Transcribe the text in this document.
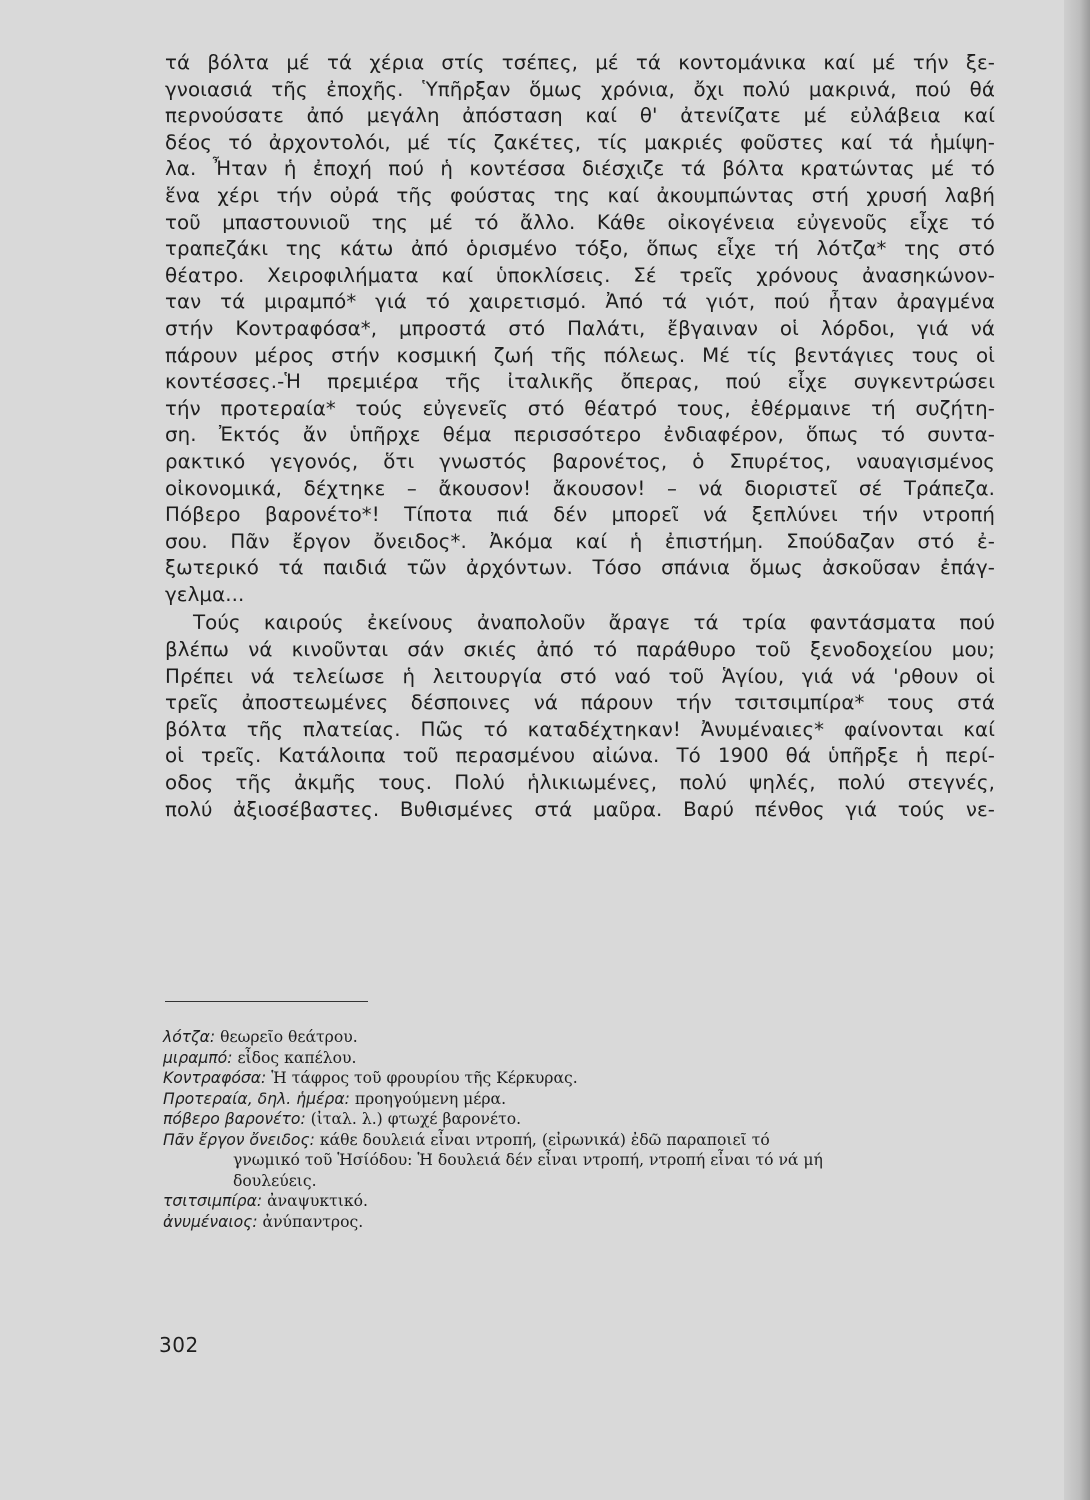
τά βόλτα μέ τά χέρια στίς τσέπες, μέ τά κοντομάνικα καί μέ τήν ξε-
γνοιασιά τῆς ἐποχῆς. Ὑπῆρξαν ὅμως χρόνια, ὄχι πολύ μακρινά, πού θά
περνούσατε ἀπό μεγάλη ἀπόσταση καί θ' ἀτενίζατε μέ εὐλάβεια καί
δέος τό ἀρχοντολόι, μέ τίς ζακέτες, τίς μακριές φοῦστες καί τά ἡμίψη-
λα. Ἦταν ἡ ἐποχή πού ἡ κοντέσσα διέσχιζε τά βόλτα κρατώντας μέ τό
ἕνα χέρι τήν οὐρά τῆς φούστας της καί ἀκουμπώντας στή χρυσή λαβή
τοῦ μπαστουνιοῦ της μέ τό ἄλλο. Κάθε οἰκογένεια εὐγενοῦς εἶχε τό
τραπεζάκι της κάτω ἀπό ὁρισμένο τόξο, ὅπως εἶχε τή λότζα* της στό
θέατρο. Χειροφιλήματα καί ὑποκλίσεις. Σέ τρεῖς χρόνους ἀνασηκώνον-
ταν τά μιραμπό* γιά τό χαιρετισμό. Ἀπό τά γιότ, πού ἦταν ἀραγμένα
στήν Κοντραφόσα*, μπροστά στό Παλάτι, ἔβγαιναν οἱ λόρδοι, γιά νά
πάρουν μέρος στήν κοσμική ζωή τῆς πόλεως. Μέ τίς βεντάγιες τους οἱ
κοντέσσες.-Ἡ πρεμιέρα τῆς ἰταλικῆς ὄπερας, πού εἶχε συγκεντρώσει
τήν προτεραία* τούς εὐγενεῖς στό θέατρό τους, ἐθέρμαινε τή συζήτη-
ση. Ἐκτός ἄν ὑπῆρχε θέμα περισσότερο ἐνδιαφέρον, ὅπως τό συντα-
ρακτικό γεγονός, ὅτι γνωστός βαρονέτος, ὁ Σπυρέτος, ναυαγισμένος
οἰκονομικά, δέχτηκε – ἄκουσον! ἄκουσον! – νά διοριστεῖ σέ Τράπεζα.
Πόβερο βαρονέτο*! Τίποτα πιά δέν μπορεῖ νά ξεπλύνει τήν ντροπή
σου. Πᾶν ἔργον ὄνειδος*. Ἀκόμα καί ἡ ἐπιστήμη. Σπούδαζαν στό ἐ-
ξωτερικό τά παιδιά τῶν ἀρχόντων. Τόσο σπάνια ὅμως ἀσκοῦσαν ἐπάγ-
γελμα...
Τούς καιρούς ἐκείνους ἀναπολοῦν ἄραγε τά τρία φαντάσματα πού
βλέπω νά κινοῦνται σάν σκιές ἀπό τό παράθυρο τοῦ ξενοδοχείου μου;
Πρέπει νά τελείωσε ἡ λειτουργία στό ναό τοῦ Ἁγίου, γιά νά 'ρθουν οἱ
τρεῖς ἀποστεωμένες δέσποινες νά πάρουν τήν τσιτσιμπίρα* τους στά
βόλτα τῆς πλατείας. Πῶς τό καταδέχτηκαν! Ἀνυμέναιες* φαίνονται καί
οἱ τρεῖς. Κατάλοιπα τοῦ περασμένου αἰώνα. Τό 1900 θά ὑπῆρξε ἡ περί-
οδος τῆς ἀκμῆς τους. Πολύ ἡλικιωμένες, πολύ ψηλές, πολύ στεγνές,
πολύ ἀξιοσέβαστες. Βυθισμένες στά μαῦρα. Βαρύ πένθος γιά τούς νε-
λότζα: θεωρεῖο θεάτρου.
μιραμπό: εἶδος καπέλου.
Κοντραφόσα: Ἡ τάφρος τοῦ φρουρίου τῆς Κέρκυρας.
Προτεραία, δηλ. ἡμέρα: προηγούμενη μέρα.
πόβερο βαρονέτο: (ἰταλ. λ.) φτωχέ βαρονέτο.
Πᾶν ἔργον ὄνειδος: κάθε δουλειά εἶναι ντροπή, (εἰρωνικά) ἐδῶ παραποιεῖ τό
γνωμικό τοῦ Ἡσίόδου: Ἡ δουλειά δέν εἶναι ντροπή, ντροπή εἶναι τό νά μή
δουλεύεις.
τσιτσιμπίρα: ἀναψυκτικό.
ἀνυμέναιος: ἀνύπαντρος.
302
